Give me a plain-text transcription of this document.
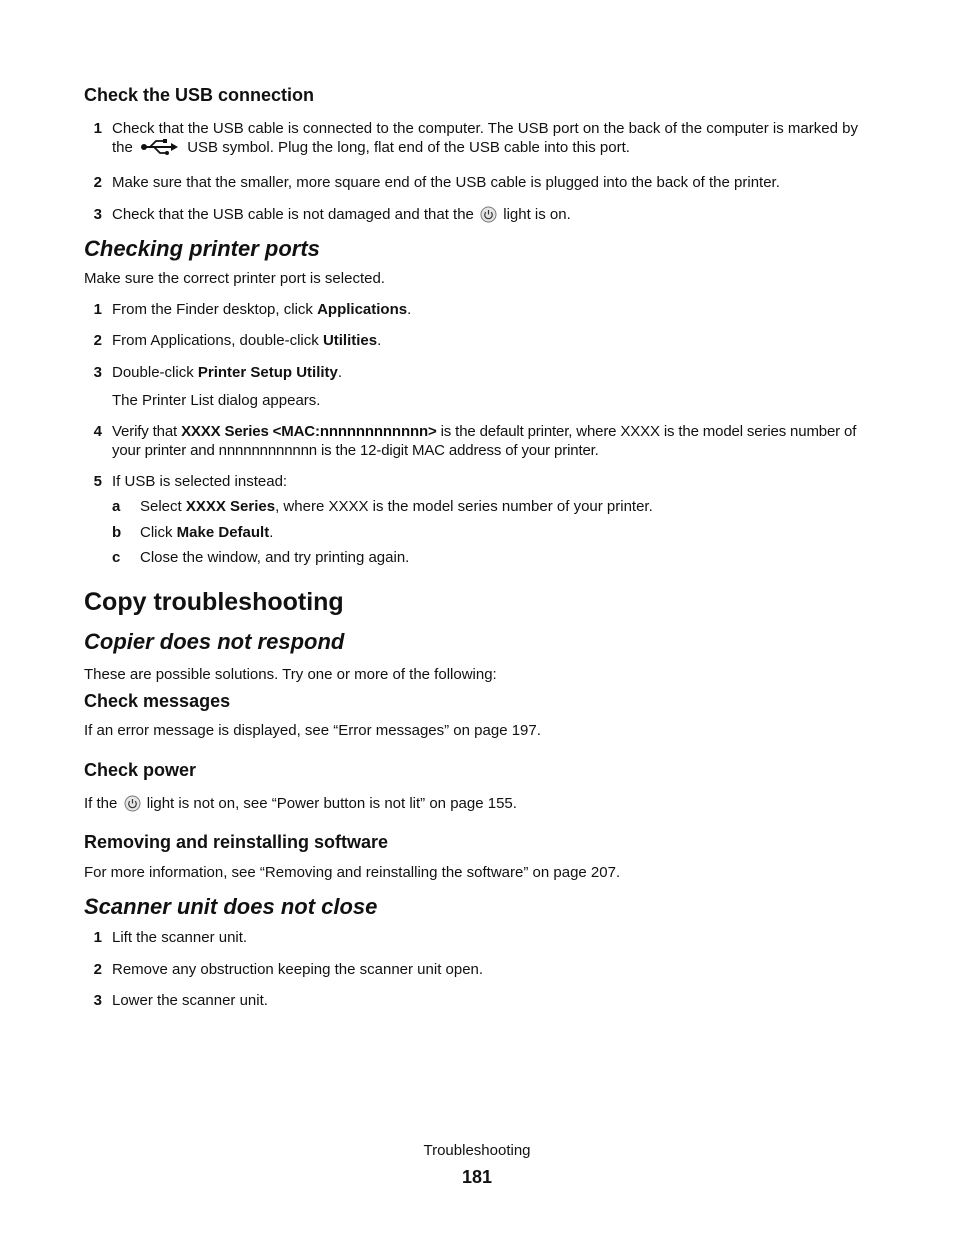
Check the USB connection
1 Check that the USB cable is connected to the computer. The USB port on the back of the computer is marked by the	USB symbol. Plug the long, flat end of the USB cable into this port.
2 Make sure that the smaller, more square end of the USB cable is plugged into the back of the printer.
3 Check that the USB cable is not damaged and that the light is on.
Checking printer ports
Make sure the correct printer port is selected.
1 From the Finder desktop, click Applications.
2 From Applications, double-click Utilities.
3 Double-click Printer Setup Utility.
The Printer List dialog appears.
4 Verify that XXXX Series <MAC:nnnnnnnnnnnn> is the default printer, where XXXX is the model series number of your printer and nnnnnnnnnnnn is the 12-digit MAC address of your printer.
5 If USB is selected instead:
a	Select XXXX Series, where XXXX is the model series number of your printer.
b	Click Make Default.
c	Close the window, and try printing again.
Copy troubleshooting
Copier does not respond
These are possible solutions. Try one or more of the following:
Check messages
If an error message is displayed, see “Error messages” on page 197.
Check power
If the light is not on, see “Power button is not lit” on page 155.
Removing and reinstalling software
For more information, see “Removing and reinstalling the software” on page 207.
Scanner unit does not close
1 Lift the scanner unit.
2 Remove any obstruction keeping the scanner unit open.
3 Lower the scanner unit.
Troubleshooting
181
